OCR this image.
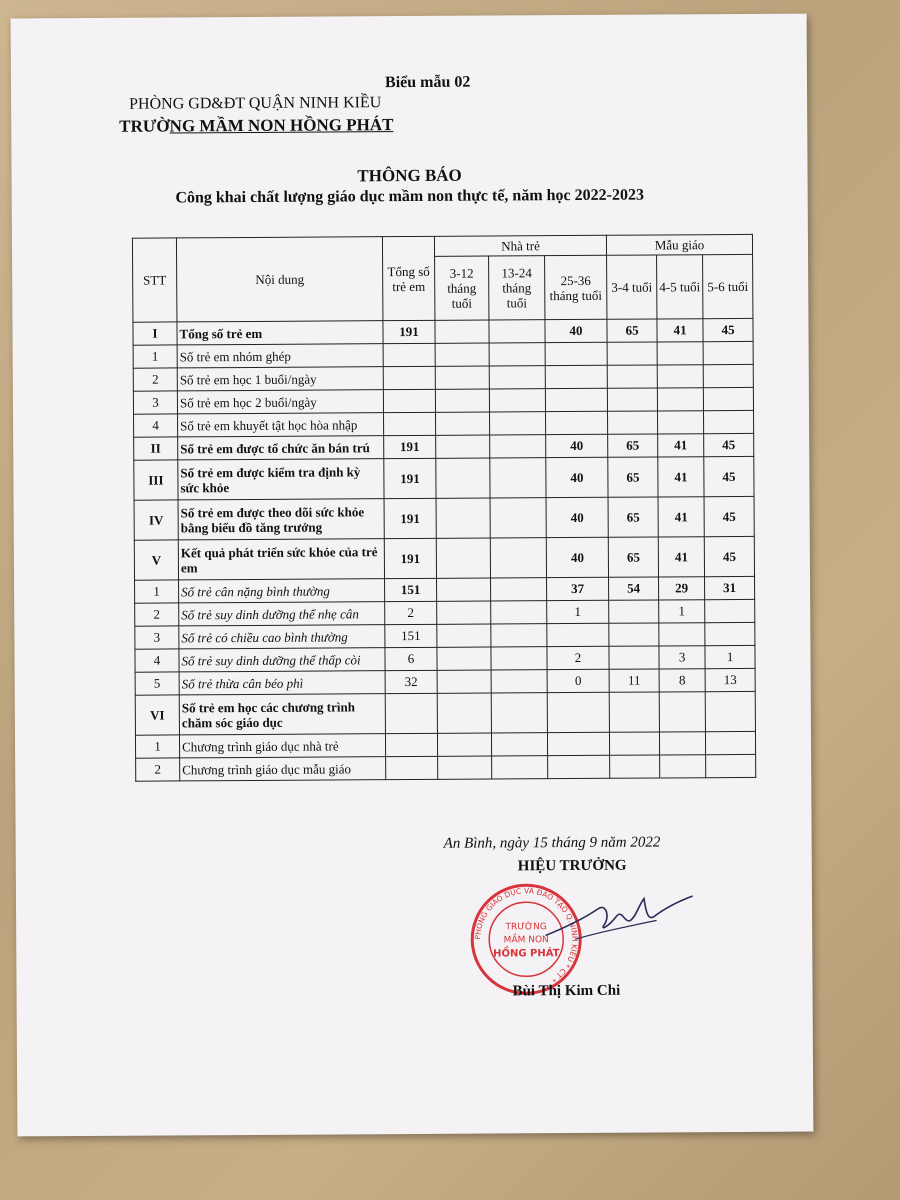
Biểu mẫu 02
PHÒNG GD&ĐT QUẬN NINH KIỀU
TRƯỜNG MẦM NON HỒNG PHÁT
THÔNG BÁO
Công khai chất lượng giáo dục mầm non thực tế, năm học 2022-2023
STT	Nội dung	Tổng số trẻ em	Nhà trẻ			Mẫu giáo		
			3-12 tháng tuổi	13-24 tháng tuổi	25-36 tháng tuổi	3-4 tuổi	4-5 tuổi	5-6 tuổi
I	Tổng số trẻ em	191			40	65	41	45
1	Số trẻ em nhóm ghép							
2	Số trẻ em học 1 buổi/ngày							
3	Số trẻ em học 2 buổi/ngày							
4	Số trẻ em khuyết tật học hòa nhập							
II	Số trẻ em được tổ chức ăn bán trú	191			40	65	41	45
III	Số trẻ em được kiểm tra định kỳ sức khỏe	191			40	65	41	45
IV	Số trẻ em được theo dõi sức khỏe bằng biểu đồ tăng trưởng	191			40	65	41	45
V	Kết quả phát triển sức khỏe của trẻ em	191			40	65	41	45
1	Số trẻ cân nặng bình thường	151			37	54	29	31
2	Số trẻ suy dinh dưỡng thể nhẹ cân	2			1		1	
3	Số trẻ có chiều cao bình thường	151						
4	Số trẻ suy dinh dưỡng thể thấp còi	6			2		3	1
5	Số trẻ thừa cân béo phì	32			0	11	8	13
VI	Số trẻ em học các chương trình chăm sóc giáo dục							
1	Chương trình giáo dục nhà trẻ							
2	Chương trình giáo dục mẫu giáo							
An Bình, ngày 15 tháng 9 năm 2022
HIỆU TRƯỞNG
PHÒNG GIÁO DỤC VÀ ĐÀO TẠO Q.NINH KIỀU * CT *
TRƯỜNG
MẦM NON
HỒNG PHÁT
Bùi Thị Kim Chi
